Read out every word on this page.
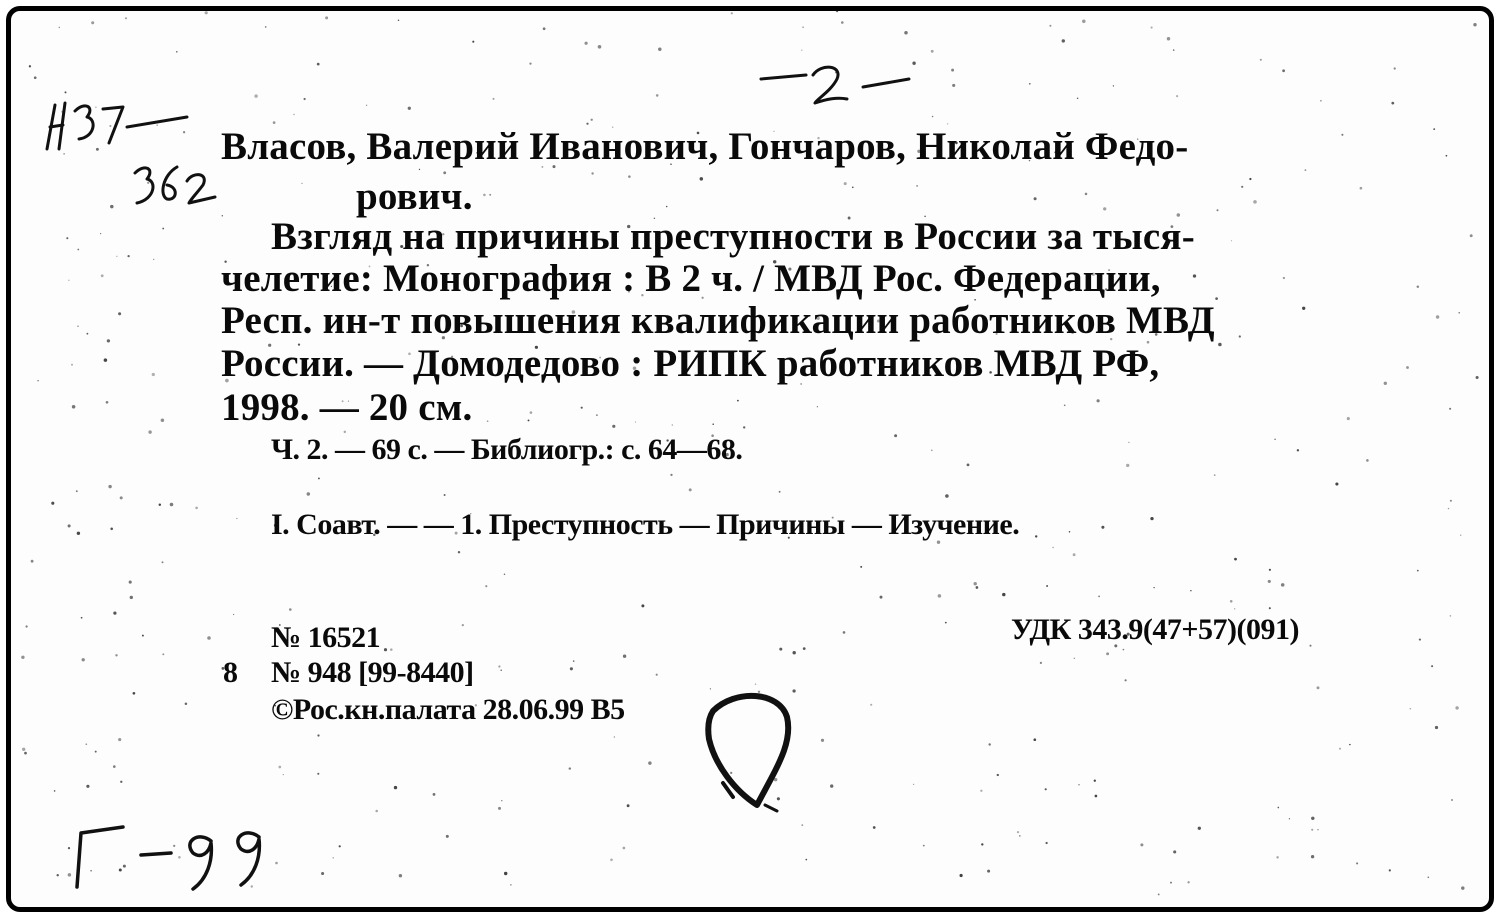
Власов, Валерий Иванович, Гончаров, Николай Федо-
рович.
Взгляд на причины преступности в России за тыся-
челетие: Монография : В 2 ч. / МВД Рос. Федерации,
Респ. ин-т повышения квалификации работников МВД
России. — Домодедово : РИПК работников МВД РФ,
1998. — 20 см.
Ч. 2. — 69 с. — Библиогр.: с. 64—68.
I. Соавт. — — 1. Преступность — Причины — Изучение.
№ 16521	УДК 343.9(47+57)(091)
8 № 948 [99-8440]
©Рос.кн.палата 28.06.99 В5
